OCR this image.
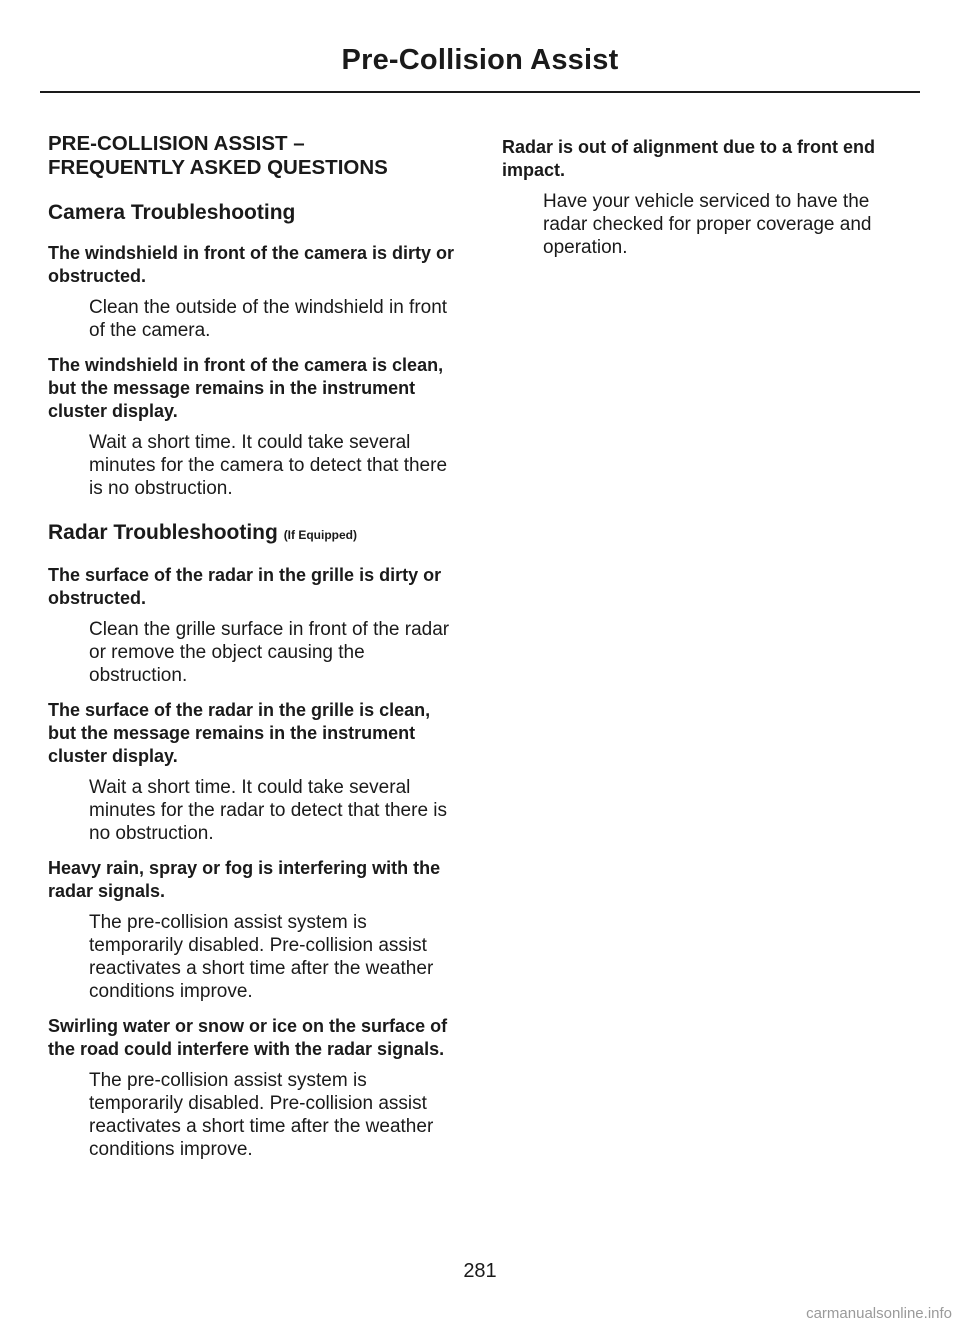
Pre-Collision Assist
PRE-COLLISION ASSIST –
FREQUENTLY ASKED QUESTIONS
Camera Troubleshooting

The windshield in front of the camera is dirty or obstructed.

Clean the outside of the windshield in front of the camera.

The windshield in front of the camera is clean, but the message remains in the instrument cluster display.

Wait a short time. It could take several minutes for the camera to detect that there is no obstruction.

Radar Troubleshooting (If Equipped)

The surface of the radar in the grille is dirty or obstructed.

Clean the grille surface in front of the radar or remove the object causing the obstruction.

The surface of the radar in the grille is clean, but the message remains in the instrument cluster display.

Wait a short time. It could take several minutes for the radar to detect that there is no obstruction.

Heavy rain, spray or fog is interfering with the radar signals.

The pre-collision assist system is temporarily disabled. Pre-collision assist reactivates a short time after the weather conditions improve.

Swirling water or snow or ice on the surface of the road could interfere with the radar signals.

The pre-collision assist system is temporarily disabled. Pre-collision assist reactivates a short time after the weather conditions improve.

Radar is out of alignment due to a front end impact.

Have your vehicle serviced to have the radar checked for proper coverage and operation.

281
carmanualsonline.info
